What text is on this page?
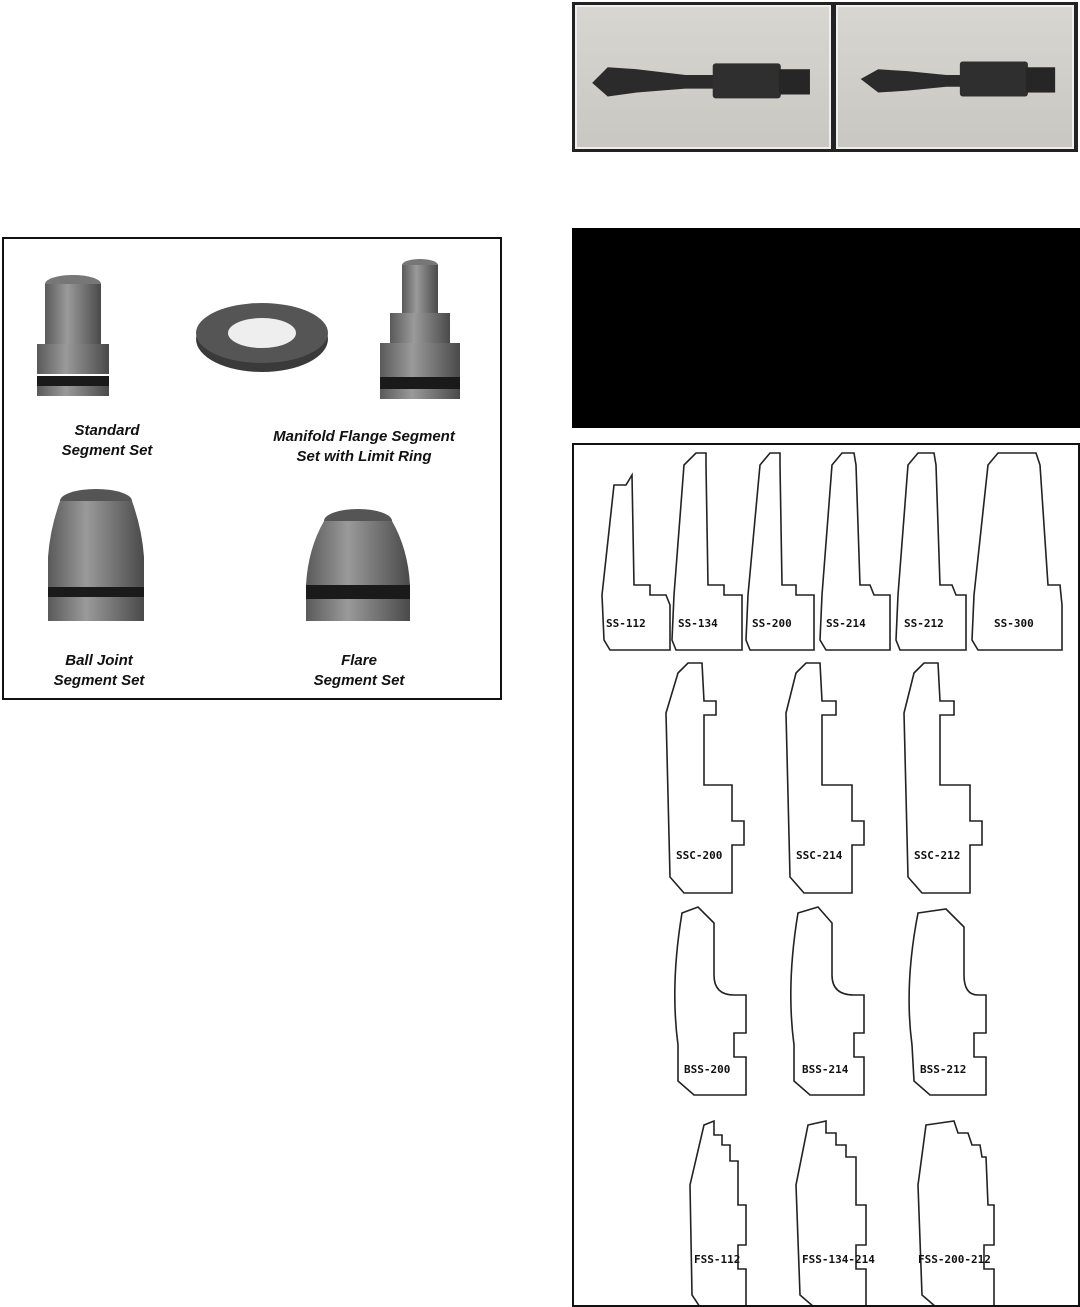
Standard
Segment Set
Manifold Flange Segment
Set with Limit Ring
Ball Joint
Segment Set
Flare
Segment Set
SS-112	SS-134	SS-200	SS-214	SS-212	SS-300
SSC-200	SSC-214	SSC-212
BSS-200	BSS-214	BSS-212
FSS-112	FSS-134-214	FSS-200-212
